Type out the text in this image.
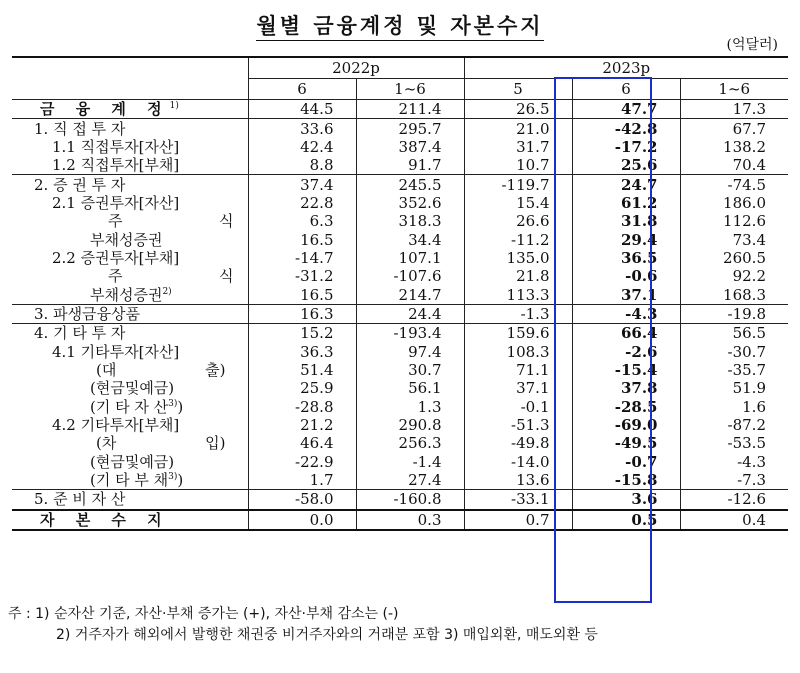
월별 금융계정 및 자본수지
(억달러)
	2022p		2023p		
	6	1~6	5	6	1~6
금 융 계 정$^{1)}$	44.5	211.4	26.5	47.7	17.3
1. 직 접 투 자	33.6	295.7	21.0	-42.8	67.7
1.1 직접투자[자산]	42.4	387.4	31.7	-17.2	138.2
1.2 직접투자[부채]	8.8	91.7	10.7	25.6	70.4
2. 증 권 투 자	37.4	245.5	-119.7	24.7	-74.5
2.1 증권투자[자산]	22.8	352.6	15.4	61.2	186.0

주 식	6.3	318.3	26.6	31.8	112.6
부채성증권	16.5	34.4	-11.2	29.4	73.4
2.2 증권투자[부채]	-14.7	107.1	135.0	36.5	260.5

주 식	-31.2	-107.6	21.8	-0.6	92.2
부채성증권$^{2)}$	16.5	214.7	113.3	37.1	168.3
3. 파생금융상품	16.3	24.4	-1.3	-4.3	-19.8
4. 기 타 투 자	15.2	-193.4	159.6	66.4	56.5
4.1 기타투자[자산]	36.3	97.4	108.3	-2.6	-30.7

(대 출)	51.4	30.7	71.1	-15.4	-35.7
(현금및예금)	25.9	56.1	37.1	37.8	51.9
(기 타 자 산$^{3)}$)	-28.8	1.3	-0.1	-28.5	1.6
4.2 기타투자[부채]	21.2	290.8	-51.3	-69.0	-87.2

(차 입)	46.4	256.3	-49.8	-49.5	-53.5
(현금및예금)	-22.9	-1.4	-14.0	-0.7	-4.3
(기 타 부 채$^{3)}$)	1.7	27.4	13.6	-15.8	-7.3
5. 준 비 자 산	-58.0	-160.8	-33.1	3.6	-12.6
자 본 수 지	0.0	0.3	0.7	0.5	0.4
주 : 1) 순자산 기준, 자산·부채 증가는 (+), 자산·부채 감소는 (-)
2) 거주자가 해외에서 발행한 채권중 비거주자와의 거래분 포함 3) 매입외환, 매도외환 등
